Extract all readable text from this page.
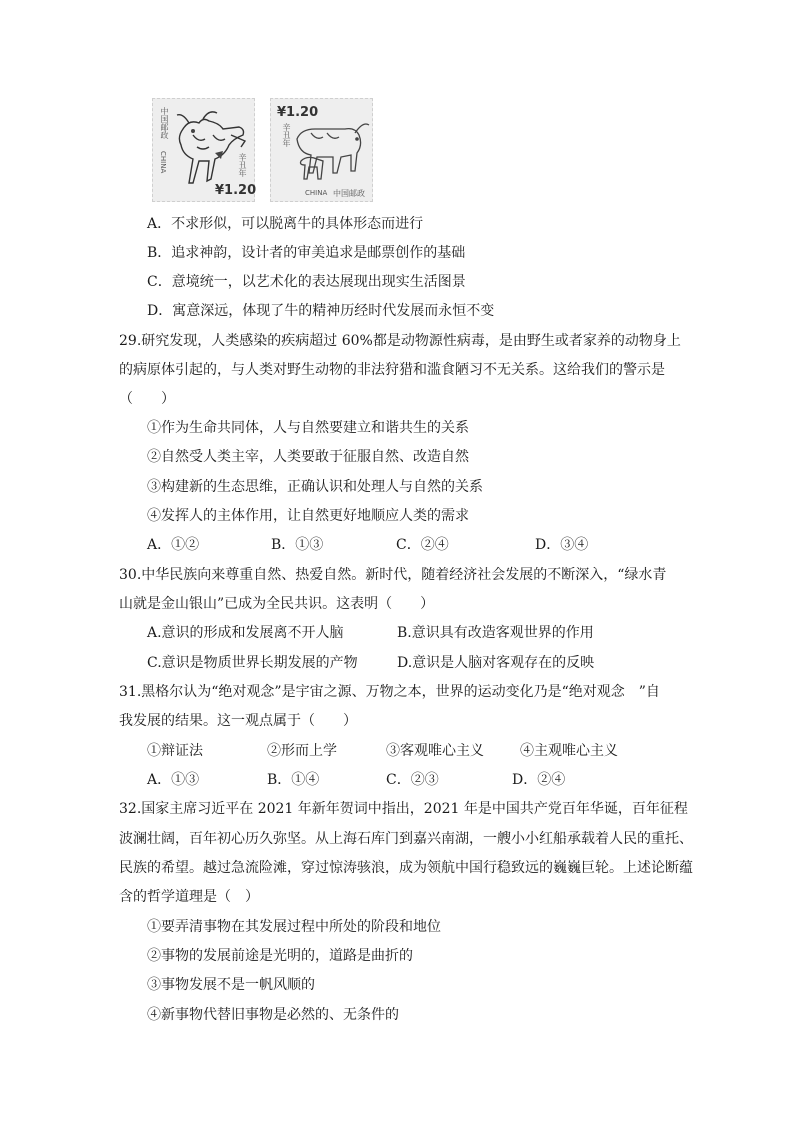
中国邮政
CHINA	辛丑年
¥1.20
¥1.20
辛丑年
CHINA 中国邮政
A．不求形似，可以脱离牛的具体形态而进行
B．追求神韵，设计者的审美追求是邮票创作的基础
C．意境统一，以艺术化的表达展现出现实生活图景
D．寓意深远，体现了牛的精神历经时代发展而永恒不变
29.研究发现，人类感染的疾病超过 60%都是动物源性病毒，是由野生或者家养的动物身上
的病原体引起的，与人类对野生动物的非法狩猎和滥食陋习不无关系。这给我们的警示是
（　　）
①作为生命共同体，人与自然要建立和谐共生的关系
②自然受人类主宰，人类要敢于征服自然、改造自然
③构建新的生态思维，正确认识和处理人与自然的关系
④发挥人的主体作用，让自然更好地顺应人类的需求
A．①②	B．①③	C．②④	D．③④
30.中华民族向来尊重自然、热爱自然。新时代，随着经济社会发展的不断深入，“绿水青
山就是金山银山”已成为全民共识。这表明（　　）
A.意识的形成和发展离不开人脑	B.意识具有改造客观世界的作用
C.意识是物质世界长期发展的产物	D.意识是人脑对客观存在的反映
31.黑格尔认为“绝对观念”是宇宙之源、万物之本，世界的运动变化乃是“绝对观念　”自
我发展的结果。这一观点属于（　　）
①辩证法	②形而上学	③客观唯心主义	④主观唯心主义
A．①③	B．①④	C．②③	D．②④
32.国家主席习近平在 2021 年新年贺词中指出，2021 年是中国共产党百年华诞，百年征程
波澜壮阔，百年初心历久弥坚。从上海石库门到嘉兴南湖，一艘小小红船承载着人民的重托、
民族的希望。越过急流险滩，穿过惊涛骇浪，成为领航中国行稳致远的巍巍巨轮。上述论断蕴
含的哲学道理是（　）
①要弄清事物在其发展过程中所处的阶段和地位
②事物的发展前途是光明的，道路是曲折的
③事物发展不是一帆风顺的
④新事物代替旧事物是必然的、无条件的
